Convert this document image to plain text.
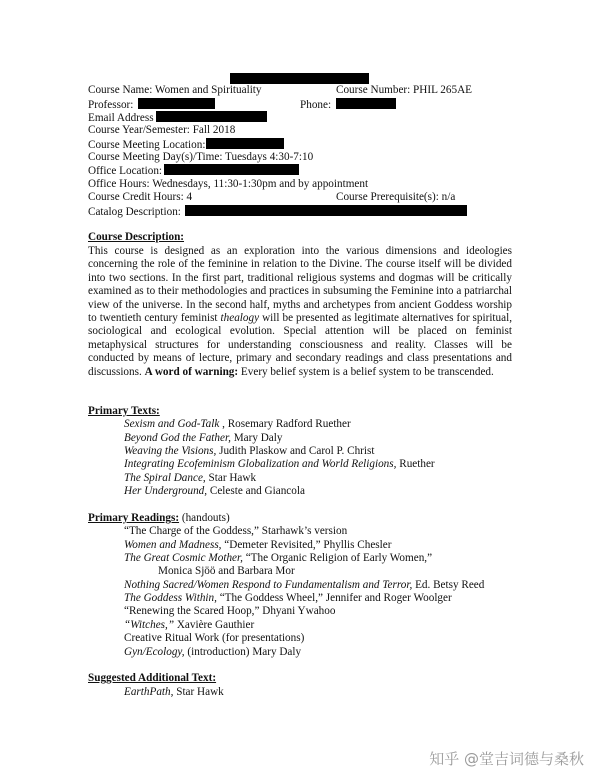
Course Name: Women and Spirituality	Course Number: PHIL 265AE
Professor:	Phone:
Email Address
Course Year/Semester: Fall 2018
Course Meeting Location:
Course Meeting Day(s)/Time: Tuesdays 4:30-7:10
Office Location:
Office Hours: Wednesdays, 11:30-1:30pm and by appointment
Course Credit Hours: 4	Course Prerequisite(s): n/a
Catalog Description:
Course Description:
This course is designed as an exploration into the various dimensions and ideologies concerning the role of the feminine in relation to the Divine. The course itself will be divided into two sections. In the first part, traditional religious systems and dogmas will be critically examined as to their methodologies and practices in subsuming the Feminine into a patriarchal view of the universe. In the second half, myths and archetypes from ancient Goddess worship to twentieth century feminist thealogy will be presented as legitimate alternatives for spiritual, sociological and ecological evolution. Special attention will be placed on feminist metaphysical structures for understanding consciousness and reality. Classes will be conducted by means of lecture, primary and secondary readings and class presentations and discussions. A word of warning: Every belief system is a belief system to be transcended.
Primary Texts:
Sexism and God-Talk , Rosemary Radford Ruether
Beyond God the Father, Mary Daly
Weaving the Visions, Judith Plaskow and Carol P. Christ
Integrating Ecofeminism Globalization and World Religions, Ruether
The Spiral Dance, Star Hawk
Her Underground, Celeste and Giancola
Primary Readings: (handouts)
“The Charge of the Goddess,” Starhawk’s version
Women and Madness, “Demeter Revisited,” Phyllis Chesler
The Great Cosmic Mother, “The Organic Religion of Early Women,”
Monica Sjöö and Barbara Mor
Nothing Sacred/Women Respond to Fundamentalism and Terror, Ed. Betsy Reed
The Goddess Within, “The Goddess Wheel,” Jennifer and Roger Woolger
“Renewing the Scared Hoop,” Dhyani Ywahoo
“Witches,” Xavière Gauthier
Creative Ritual Work (for presentations)
Gyn/Ecology, (introduction) Mary Daly
Suggested Additional Text:
EarthPath, Star Hawk
知乎 @堂吉词德与桑秋
